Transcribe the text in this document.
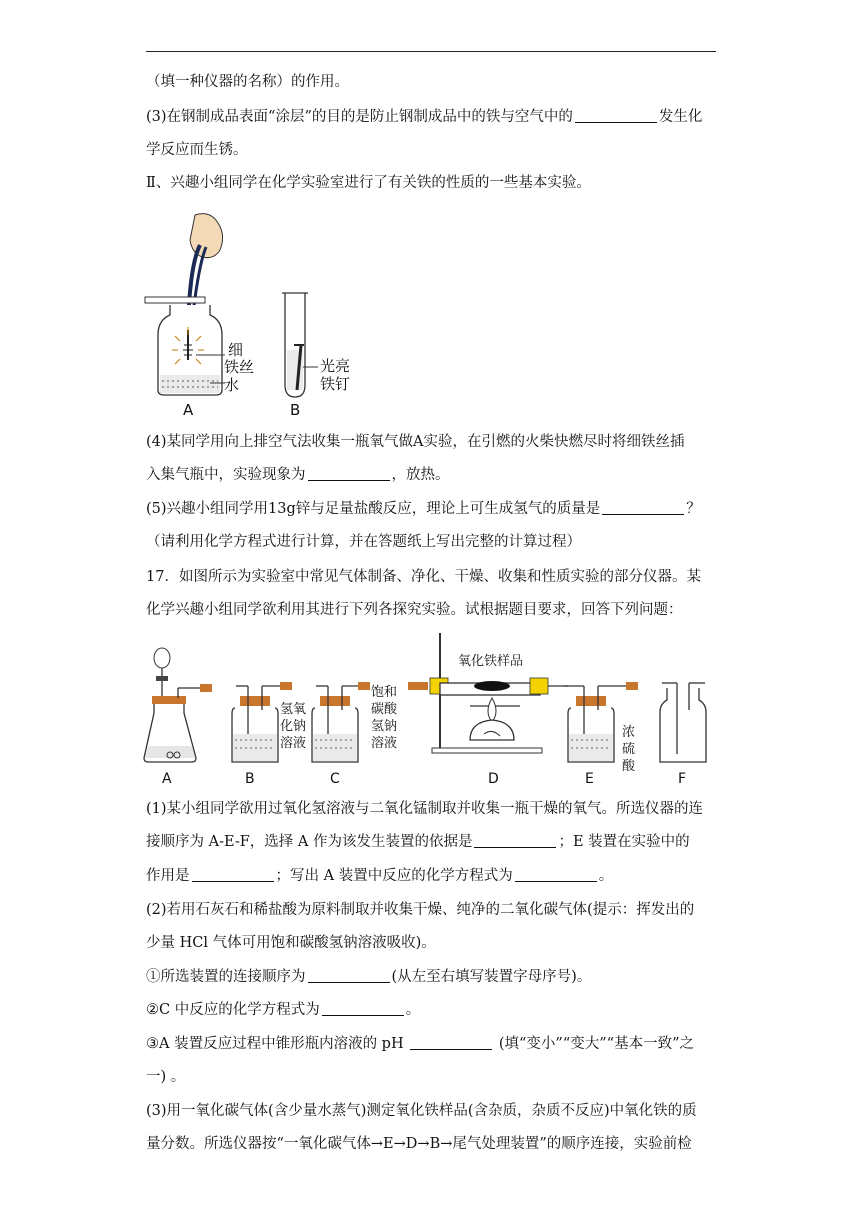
（填一种仪器的名称）的作用。
(3)在钢制成品表面“涂层”的目的是防止钢制成品中的铁与空气中的	发生化
学反应而生锈。
Ⅱ、兴趣小组同学在化学实验室进行了有关铁的性质的一些基本实验。
细
铁丝
水
A
光亮
铁钉
B
(4)某同学用向上排空气法收集一瓶氧气做A实验，在引燃的火柴快燃尽时将细铁丝插
入集气瓶中，实验现象为	，放热。
(5)兴趣小组同学用13g锌与足量盐酸反应，理论上可生成氢气的质量是	？
（请利用化学方程式进行计算，并在答题纸上写出完整的计算过程）
17．如图所示为实验室中常见气体制备、净化、干燥、收集和性质实验的部分仪器。某
化学兴趣小组同学欲利用其进行下列各探究实验。试根据题目要求，回答下列问题：
A
氢氧
化钠
溶液
B
饱和
碳酸
氢钠
溶液
C
氧化铁样品
D
浓
硫
酸
E	F
(1)某小组同学欲用过氧化氢溶液与二氧化锰制取并收集一瓶干燥的氧气。所选仪器的连
接顺序为 A-E-F，选择 A 作为该发生装置的依据是	；E 装置在实验中的
作用是	；写出 A 装置中反应的化学方程式为	。
(2)若用石灰石和稀盐酸为原料制取并收集干燥、纯净的二氧化碳气体(提示：挥发出的
少量 HCl 气体可用饱和碳酸氢钠溶液吸收)。
①所选装置的连接顺序为	(从左至右填写装置字母序号)。
②C 中反应的化学方程式为	。
③A 装置反应过程中锥形瓶内溶液的 pH	(填“变小”“变大”“基本一致”之
一) 。
(3)用一氧化碳气体(含少量水蒸气)测定氧化铁样品(含杂质，杂质不反应)中氧化铁的质
量分数。所选仪器按“一氧化碳气体→E→D→B→尾气处理装置”的顺序连接，实验前检
